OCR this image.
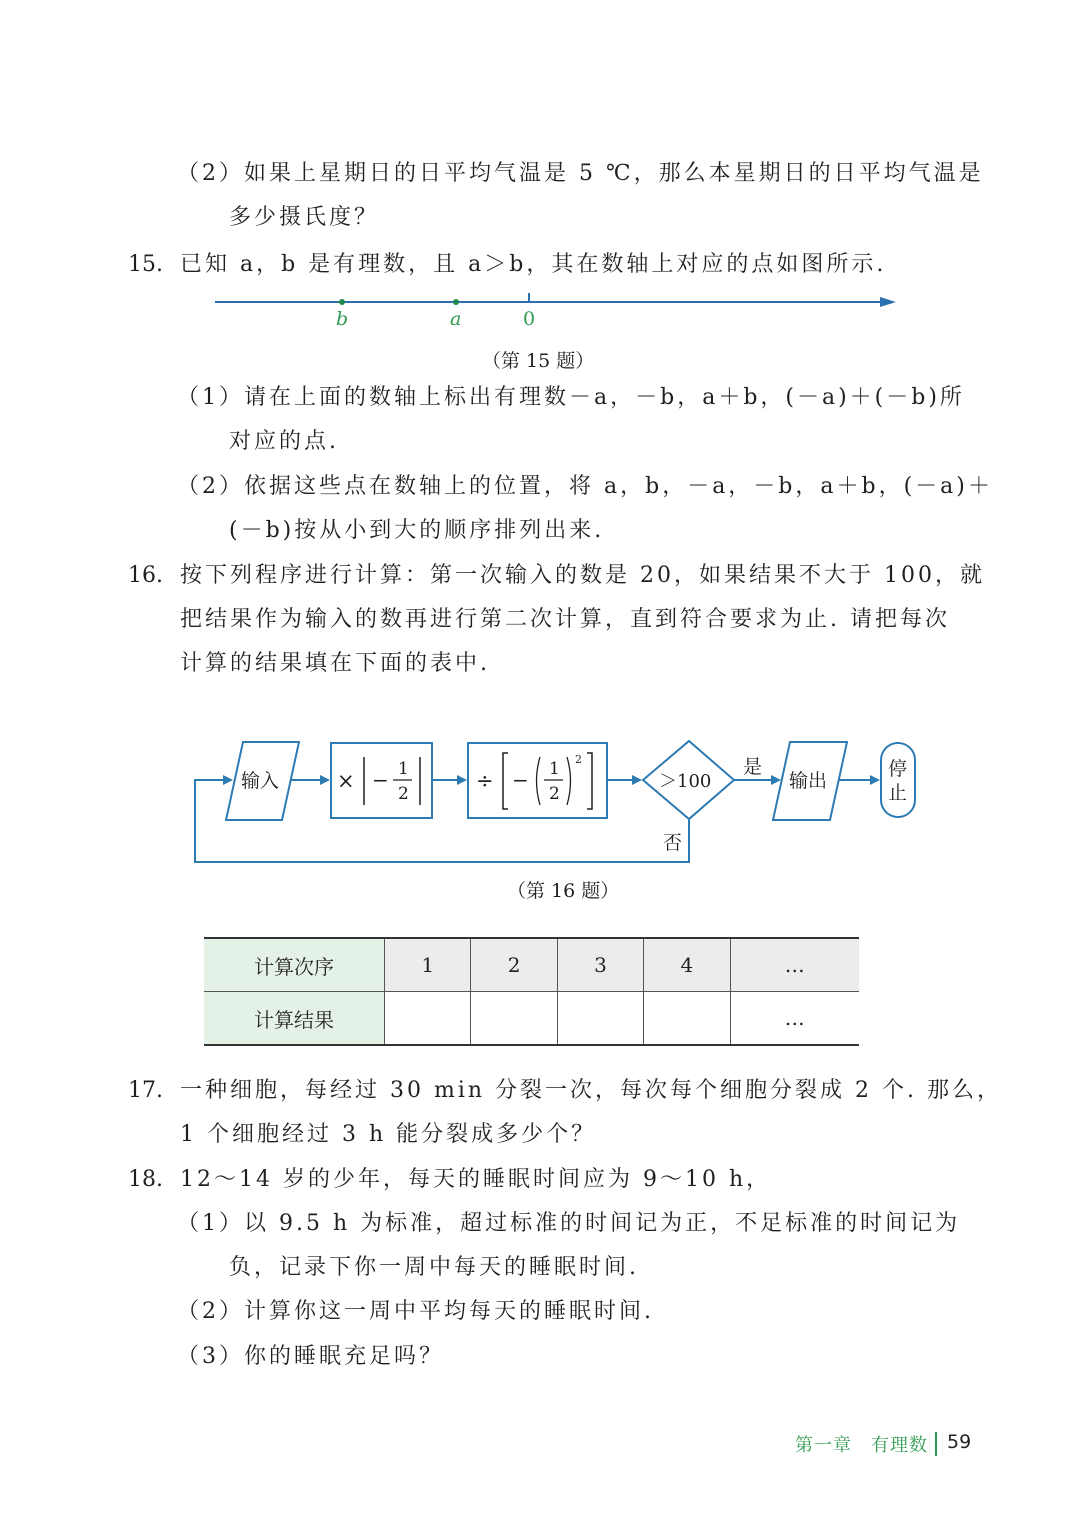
（2）如果上星期日的日平均气温是 5 ℃，那么本星期日的日平均气温是
多少摄氏度？
15. 已知 a，b 是有理数，且 a＞b，其在数轴上对应的点如图所示.
b	a	0
（第 15 题）
（1）请在上面的数轴上标出有理数－a，－b，a＋b，(－a)＋(－b)所
对应的点.
（2）依据这些点在数轴上的位置，将 a，b，－a，－b，a＋b，(－a)＋
(－b)按从小到大的顺序排列出来.
16. 按下列程序进行计算：第一次输入的数是 20，如果结果不大于 100，就
把结果作为输入的数再进行第二次计算，直到符合要求为止. 请把每次
计算的结果填在下面的表中.
输入	× − 1
2
÷ − 1
2
2
＞100
是
否
输出
停
止
（第 16 题）
计算次序	1	2	3	4	…
计算结果					…
17. 一种细胞，每经过 30 min 分裂一次，每次每个细胞分裂成 2 个. 那么，
1 个细胞经过 3 h 能分裂成多少个？
18. 12～14 岁的少年，每天的睡眠时间应为 9～10 h，
（1）以 9.5 h 为标准，超过标准的时间记为正，不足标准的时间记为
负，记录下你一周中每天的睡眠时间.
（2）计算你这一周中平均每天的睡眠时间.
（3）你的睡眠充足吗？
第一章　有理数 59
